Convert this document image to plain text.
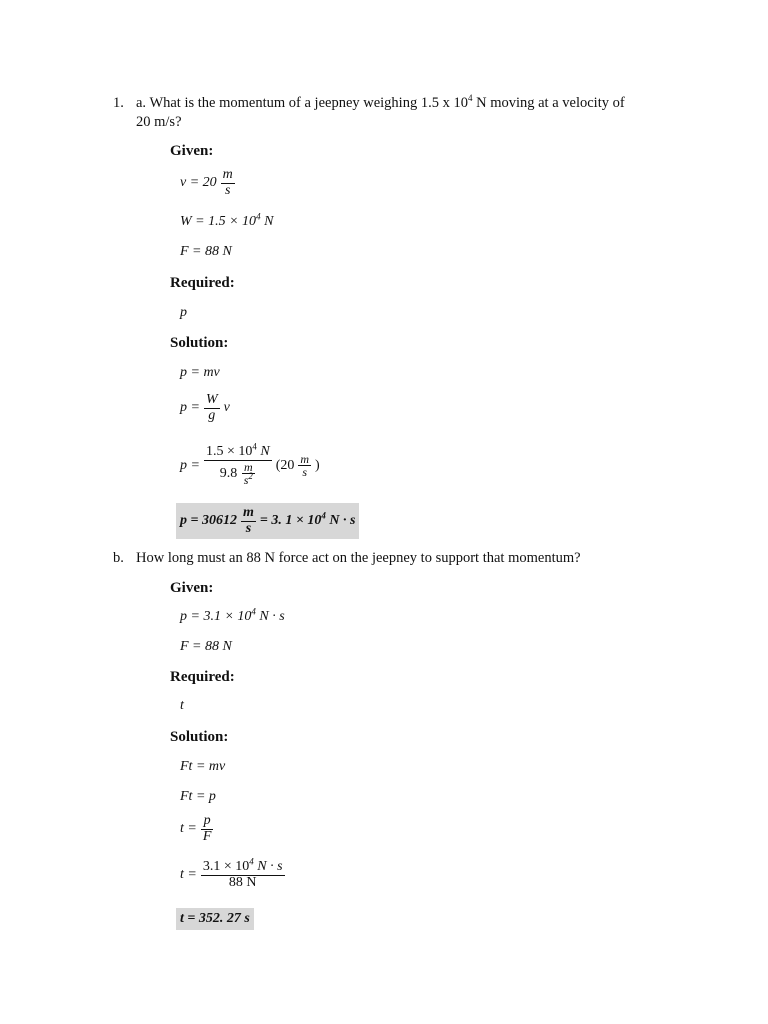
1. a. What is the momentum of a jeepney weighing 1.5 x $10^4$ N moving at a velocity of
20 m/s?
Given:
$v = 20 \frac{m}{s}$
$W = 1.5 \times 10^4$ N
F = 88 N
Required:
p
Solution:
p = mv
$p = \frac{W}{g}$ v
$p = \frac{1.5 \times 10^4 N}{9.8 \frac{m}{s^2}} (20 \frac{m}{s}$ )
$p = 30612 \frac{m}{s} = 3$. $1 \times 10^4$ N · s
b. How long must an 88 N force act on the jeepney to support that momentum?
Given:
$p = 3.1 \times 10^4$ N · s
F = 88 N
Required:
t
Solution:
Ft = mv
Ft = p
$t = \frac{p}{F}$
$t = \frac{3.1 \times 10^4 N \cdot s}{88 N}$
t = 352. 27 s
